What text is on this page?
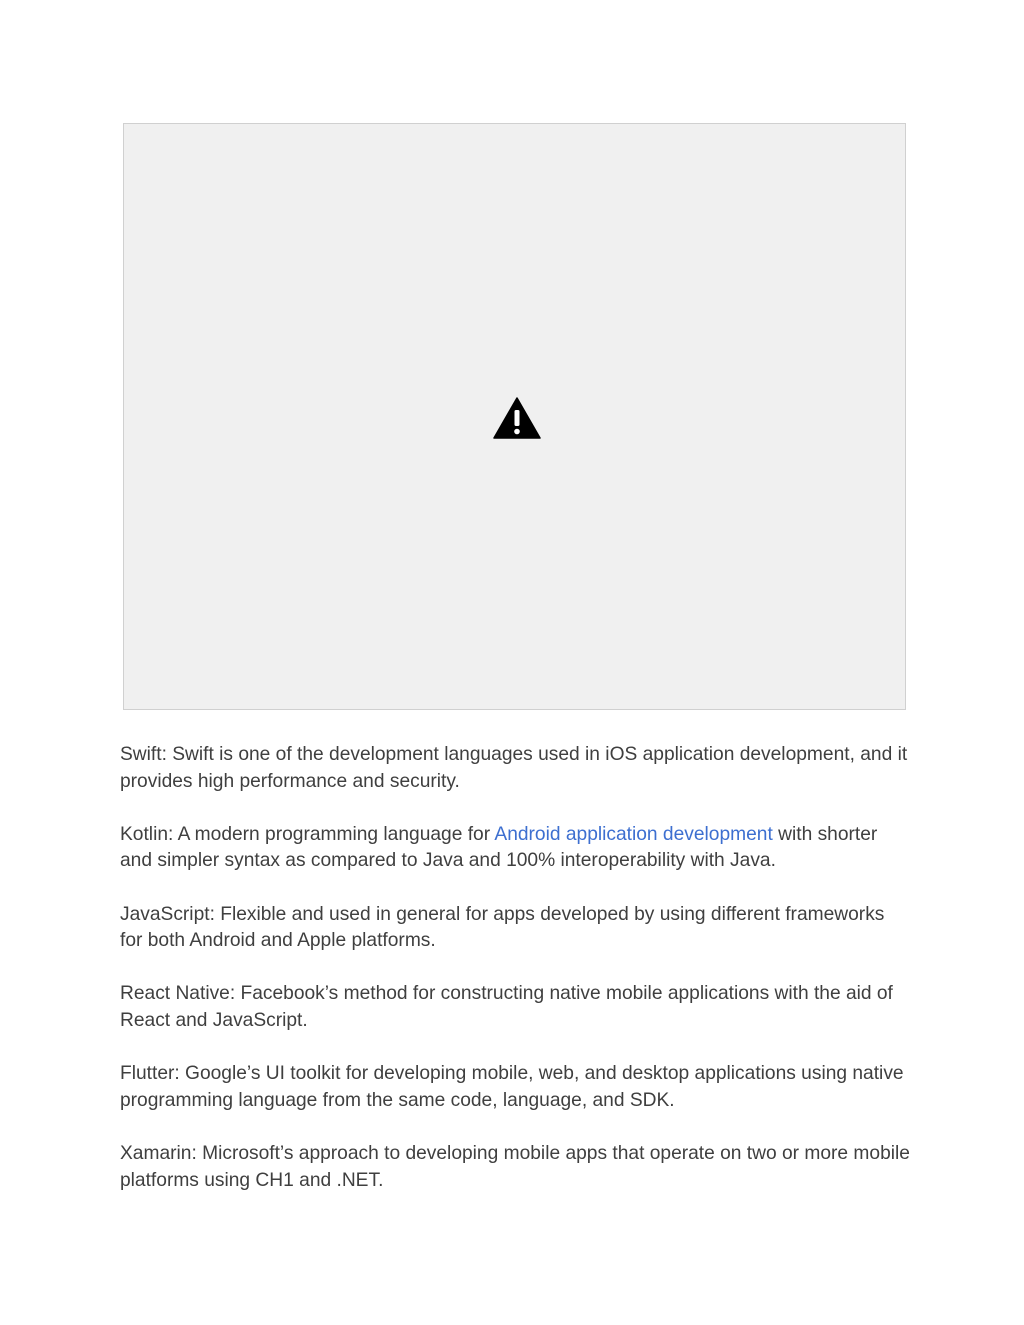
Swift: Swift is one of the development languages used in iOS application development, and it provides high performance and security.

Kotlin: A modern programming language for Android application development with shorter and simpler syntax as compared to Java and 100% interoperability with Java.

JavaScript: Flexible and used in general for apps developed by using different frameworks for both Android and Apple platforms.

React Native: Facebook’s method for constructing native mobile applications with the aid of React and JavaScript.

Flutter: Google’s UI toolkit for developing mobile, web, and desktop applications using native programming language from the same code, language, and SDK.

Xamarin: Microsoft’s approach to developing mobile apps that operate on two or more mobile platforms using CH1 and .NET.
